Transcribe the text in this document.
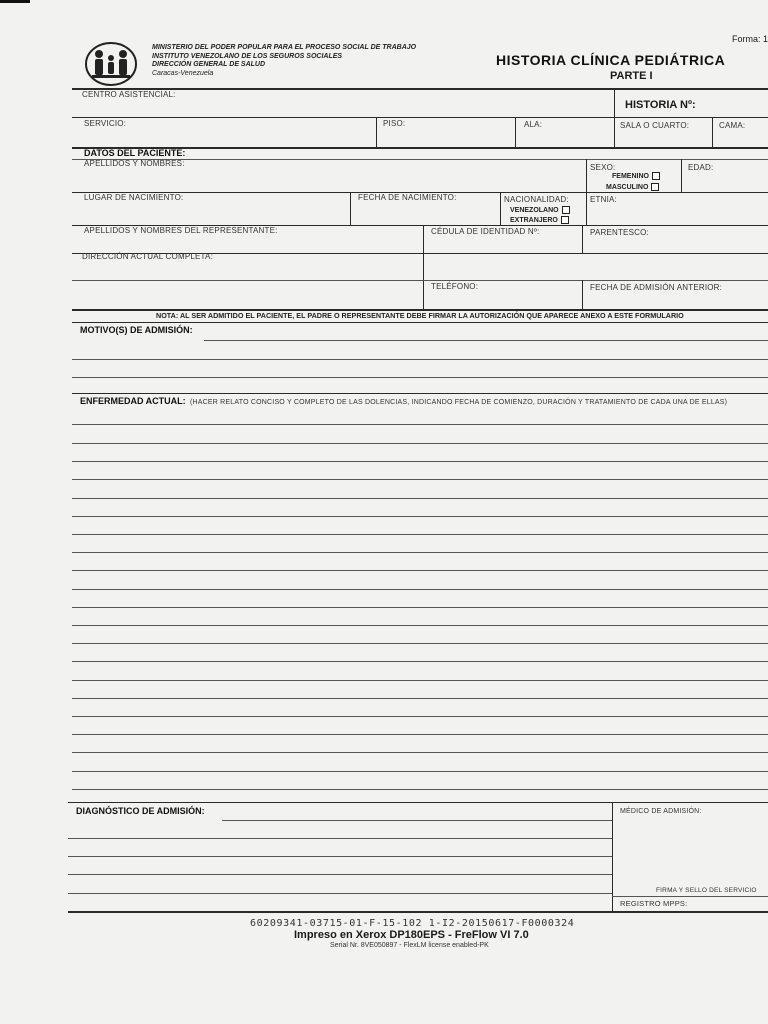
MINISTERIO DEL PODER POPULAR PARA EL PROCESO SOCIAL DE TRABAJO
INSTITUTO VENEZOLANO DE LOS SEGUROS SOCIALES
DIRECCIÓN GENERAL DE SALUD
Caracas-Venezuela
Forma: 1
HISTORIA CLÍNICA PEDIÁTRICA
PARTE I
CENTRO ASISTENCIAL:
HISTORIA Nº:
SERVICIO:	PISO:	ALA:	SALA O CUARTO:	CAMA:
DATOS DEL PACIENTE:
APELLIDOS Y NOMBRES:	SEXO:
FEMENINO
MASCULINO
EDAD:
LUGAR DE NACIMIENTO:	FECHA DE NACIMIENTO:	NACIONALIDAD:
VENEZOLANO
EXTRANJERO
ETNIA:
APELLIDOS Y NOMBRES DEL REPRESENTANTE:	CÉDULA DE IDENTIDAD Nº:	PARENTESCO:
DIRECCIÓN ACTUAL COMPLETA:
TELÉFONO:	FECHA DE ADMISIÓN ANTERIOR:
NOTA: AL SER ADMITIDO EL PACIENTE, EL PADRE O REPRESENTANTE DEBE FIRMAR LA AUTORIZACIÓN QUE APARECE ANEXO A ESTE FORMULARIO
MOTIVO(S) DE ADMISIÓN:
ENFERMEDAD ACTUAL: (HACER RELATO CONCISO Y COMPLETO DE LAS DOLENCIAS, INDICANDO FECHA DE COMIENZO, DURACIÓN Y TRATAMIENTO DE CADA UNA DE ELLAS)
DIAGNÓSTICO DE ADMISIÓN:	MÉDICO DE ADMISIÓN:
FIRMA Y SELLO DEL SERVICIO
REGISTRO MPPS:
60209341-03715-01-F-15-102 1-I2-20150617-F0000324
Impreso en Xerox DP180EPS - FreFlow VI 7.0
Serial Nr. 8VE050897 - FlexLM license enabled-PK
